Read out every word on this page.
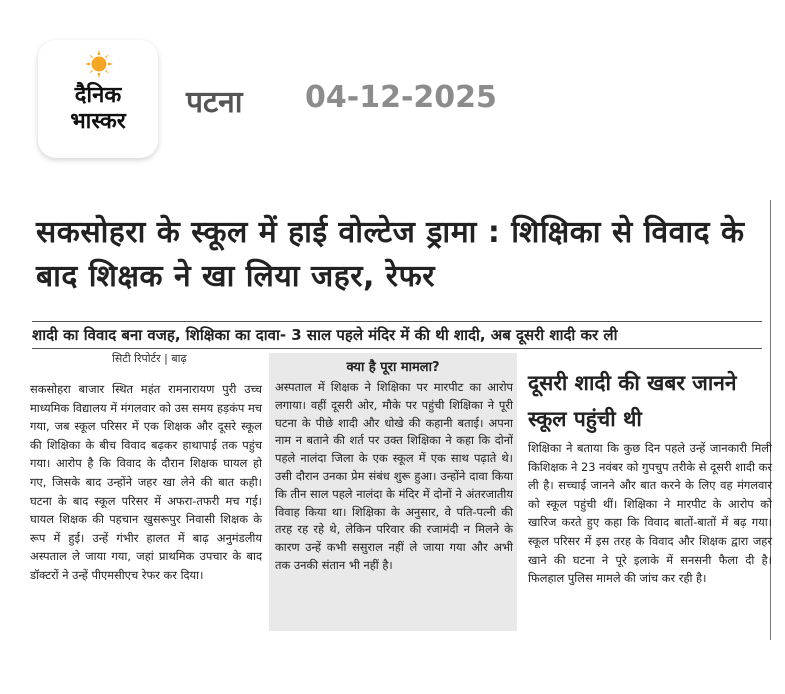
दैनिक
भास्कर
पटना 04-12-2025
सकसोहरा के स्कूल में हाई वोल्टेज ड्रामा : शिक्षिका से विवाद के बाद शिक्षक ने खा लिया जहर, रेफर
शादी का विवाद बना वजह, शिक्षिका का दावा- 3 साल पहले मंदिर में की थी शादी, अब दूसरी शादी कर ली
सिटी रिपोर्टर | बाढ़
सकसोहरा बाजार स्थित महंत रामनारायण पुरी उच्च माध्यमिक विद्यालय में मंगलवार को उस समय हड़कंप मच गया, जब स्कूल परिसर में एक शिक्षक और दूसरे स्कूल की शिक्षिका के बीच विवाद बढ़कर हाथापाई तक पहुंच गया। आरोप है कि विवाद के दौरान शिक्षक घायल हो गए, जिसके बाद उन्होंने जहर खा लेने की बात कही। घटना के बाद स्कूल परिसर में अफरा-तफरी मच गई। घायल शिक्षक की पहचान खुसरूपुर निवासी शिक्षक के रूप में हुई। उन्हें गंभीर हालत में बाढ़ अनुमंडलीय अस्पताल ले जाया गया, जहां प्राथमिक उपचार के बाद डॉक्टरों ने उन्हें पीएमसीएच रेफर कर दिया।
क्या है पूरा मामला?
अस्पताल में शिक्षक ने शिक्षिका पर मारपीट का आरोप लगाया। वहीं दूसरी ओर, मौके पर पहुंची शिक्षिका ने पूरी घटना के पीछे शादी और धोखे की कहानी बताई। अपना नाम न बताने की शर्त पर उक्त शिक्षिका ने कहा कि दोनों पहले नालंदा जिला के एक स्कूल में एक साथ पढ़ाते थे। उसी दौरान उनका प्रेम संबंध शुरू हुआ। उन्होंने दावा किया कि तीन साल पहले नालंदा के मंदिर में दोनों ने अंतरजातीय विवाह किया था। शिक्षिका के अनुसार, वे पति-पत्नी की तरह रह रहे थे, लेकिन परिवार की रजामंदी न मिलने के कारण उन्हें कभी ससुराल नहीं ले जाया गया और अभी तक उनकी संतान भी नहीं है।
दूसरी शादी की खबर जानने स्कूल पहुंची थी
शिक्षिका ने बताया कि कुछ दिन पहले उन्हें जानकारी मिली किशिक्षक ने 23 नवंबर को गुपचुप तरीके से दूसरी शादी कर ली है। सच्चाई जानने और बात करने के लिए वह मंगलवार को स्कूल पहुंची थीं। शिक्षिका ने मारपीट के आरोप को खारिज करते हुए कहा कि विवाद बातों-बातों में बढ़ गया। स्कूल परिसर में इस तरह के विवाद और शिक्षक द्वारा जहर खाने की घटना ने पूरे इलाके में सनसनी फैला दी है। फिलहाल पुलिस मामले की जांच कर रही है।
